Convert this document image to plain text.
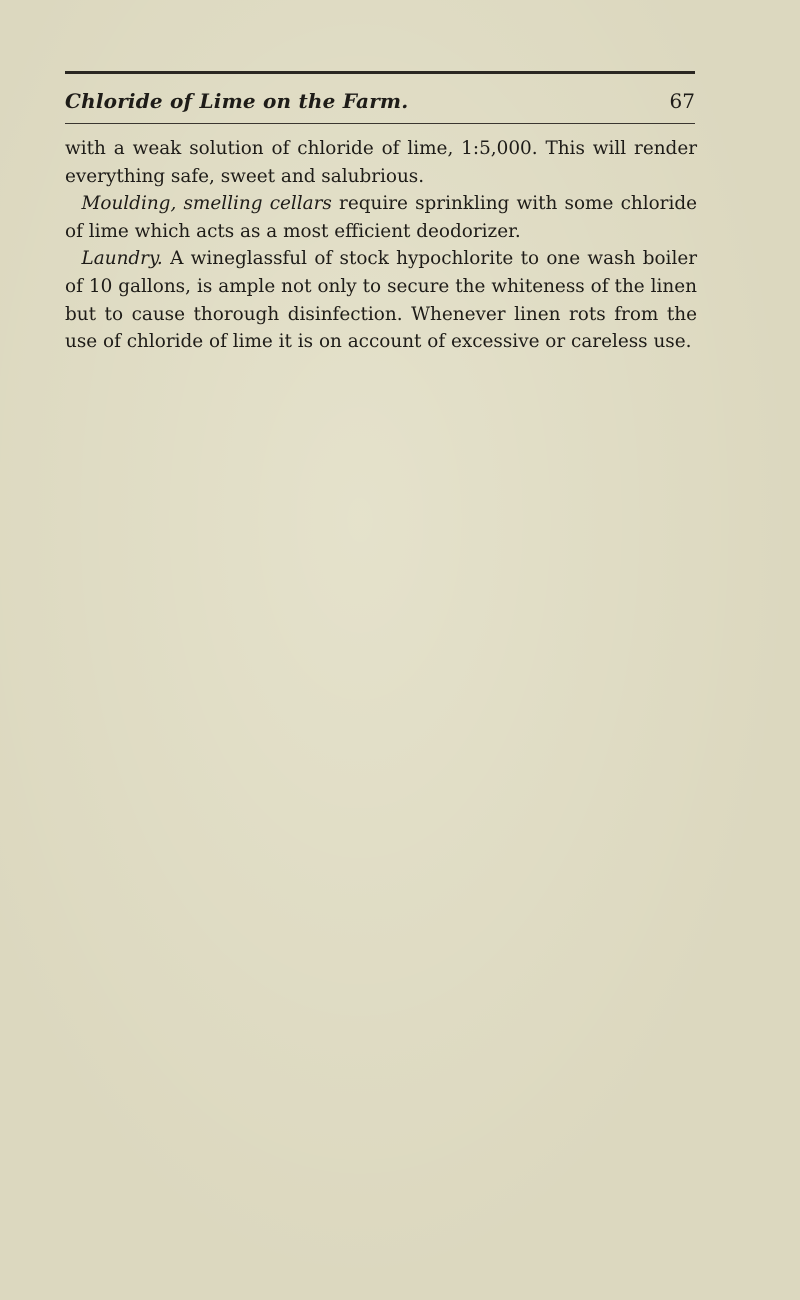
Chloride of Lime on the Farm.	67

with a weak solution of chloride of lime, 1:5,000. This will render everything safe, sweet and salubrious.

Moulding, smelling cellars require sprinkling with some chloride of lime which acts as a most efficient deodorizer.

Laundry. A wineglassful of stock hypochlorite to one wash boiler of 10 gallons, is ample not only to secure the whiteness of the linen but to cause thorough disinfection. Whenever linen rots from the use of chloride of lime it is on account of excessive or careless use.
